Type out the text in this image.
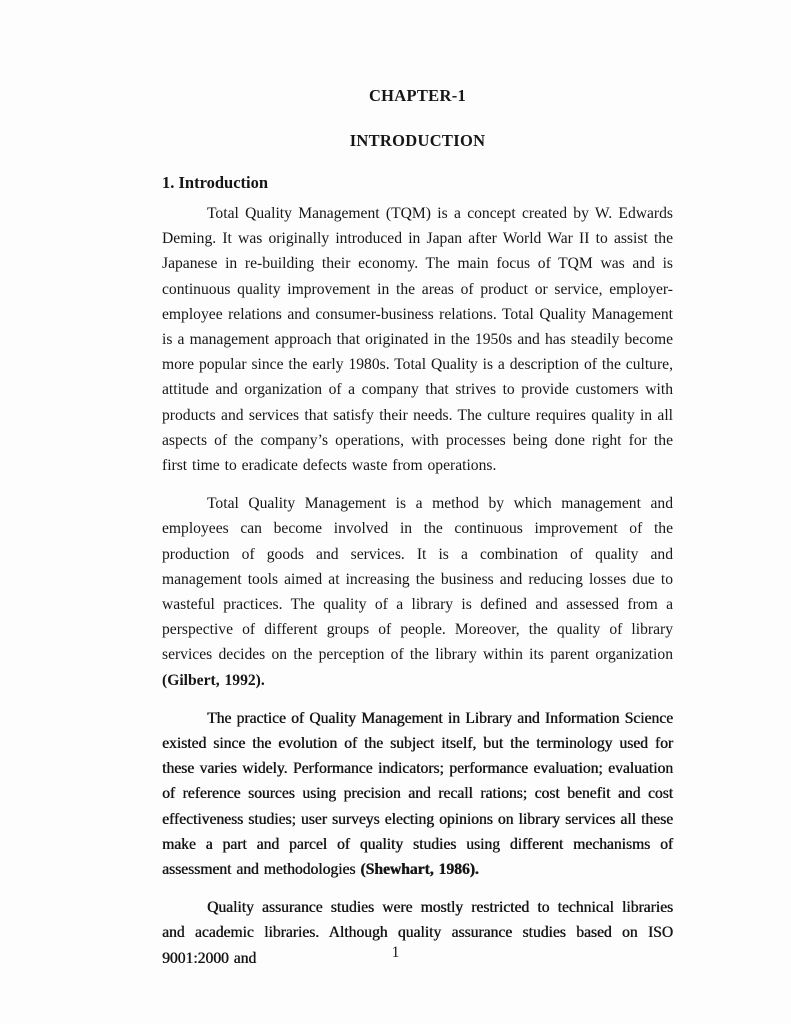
CHAPTER-1
INTRODUCTION
1. Introduction

Total Quality Management (TQM) is a concept created by W. Edwards Deming. It was originally introduced in Japan after World War II to assist the Japanese in re-building their economy. The main focus of TQM was and is continuous quality improvement in the areas of product or service, employer-employee relations and consumer-business relations. Total Quality Management is a management approach that originated in the 1950s and has steadily become more popular since the early 1980s. Total Quality is a description of the culture, attitude and organization of a company that strives to provide customers with products and services that satisfy their needs. The culture requires quality in all aspects of the company’s operations, with processes being done right for the first time to eradicate defects waste from operations.

Total Quality Management is a method by which management and employees can become involved in the continuous improvement of the production of goods and services. It is a combination of quality and management tools aimed at increasing the business and reducing losses due to wasteful practices. The quality of a library is defined and assessed from a perspective of different groups of people. Moreover, the quality of library services decides on the perception of the library within its parent organization (Gilbert, 1992).

The practice of Quality Management in Library and Information Science existed since the evolution of the subject itself, but the terminology used for these varies widely. Performance indicators; performance evaluation; evaluation of reference sources using precision and recall rations; cost benefit and cost effectiveness studies; user surveys electing opinions on library services all these make a part and parcel of quality studies using different mechanisms of assessment and methodologies (Shewhart, 1986).

Quality assurance studies were mostly restricted to technical libraries and academic libraries. Although quality assurance studies based on ISO 9001:2000 and	1
